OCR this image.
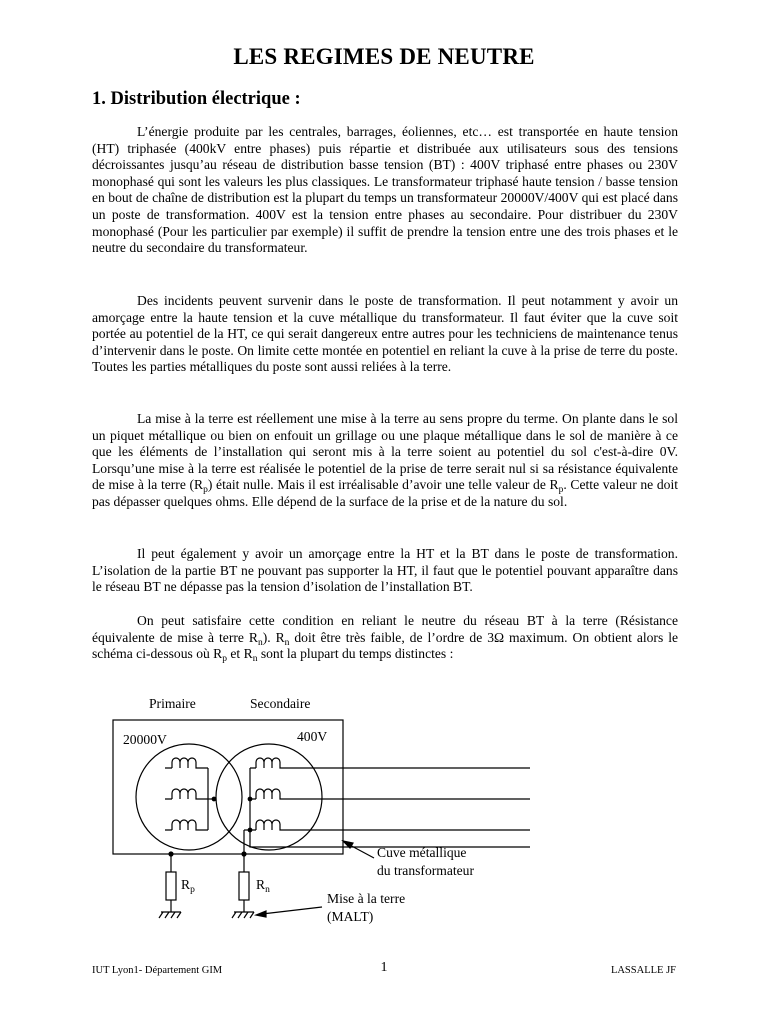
LES REGIMES DE NEUTRE
1. Distribution électrique :

L’énergie produite par les centrales, barrages, éoliennes, etc… est transportée en haute tension (HT) triphasée (400kV entre phases) puis répartie et distribuée aux utilisateurs sous des tensions décroissantes jusqu’au réseau de distribution basse tension (BT) : 400V triphasé entre phases ou 230V monophasé qui sont les valeurs les plus classiques. Le transformateur triphasé haute tension / basse tension en bout de chaîne de distribution est la plupart du temps un transformateur 20000V/400V qui est placé dans un poste de transformation. 400V est la tension entre phases au secondaire. Pour distribuer du 230V monophasé (Pour les particulier par exemple) il suffit de prendre la tension entre une des trois phases et le neutre du secondaire du transformateur.

Des incidents peuvent survenir dans le poste de transformation. Il peut notamment y avoir un amorçage entre la haute tension et la cuve métallique du transformateur. Il faut éviter que la cuve soit portée au potentiel de la HT, ce qui serait dangereux entre autres pour les techniciens de maintenance tenus d’intervenir dans le poste. On limite cette montée en potentiel en reliant la cuve à la prise de terre du poste. Toutes les parties métalliques du poste sont aussi reliées à la terre.

La mise à la terre est réellement une mise à la terre au sens propre du terme. On plante dans le sol un piquet métallique ou bien on enfouit un grillage ou une plaque métallique dans le sol de manière à ce que les éléments de l’installation qui seront mis à la terre soient au potentiel du sol c'est-à-dire 0V. Lorsqu’une mise à la terre est réalisée le potentiel de la prise de terre serait nul si sa résistance équivalente de mise à la terre $(R_p)$ était nulle. Mais il est irréalisable d’avoir une telle valeur de $R_p$. Cette valeur ne doit pas dépasser quelques ohms. Elle dépend de la surface de la prise et de la nature du sol.

Il peut également y avoir un amorçage entre la HT et la BT dans le poste de transformation. L’isolation de la partie BT ne pouvant pas supporter la HT, il faut que le potentiel pouvant apparaître dans le réseau BT ne dépasse pas la tension d’isolation de l’installation BT.

On peut satisfaire cette condition en reliant le neutre du réseau BT à la terre (Résistance équivalente de mise à terre $R_n$). $R_n$ doit être très faible, de l’ordre de 3Ω maximum. On obtient alors le schéma ci-dessous où $R_p$ et $R_n$ sont la plupart du temps distinctes :

Primaire	Secondaire
20000V	400V
$R_p$	$R_n$
Cuve métallique
du transformateur
Mise à la terre
(MALT)
IUT Lyon1- Département GIM	1	LASSALLE JF
